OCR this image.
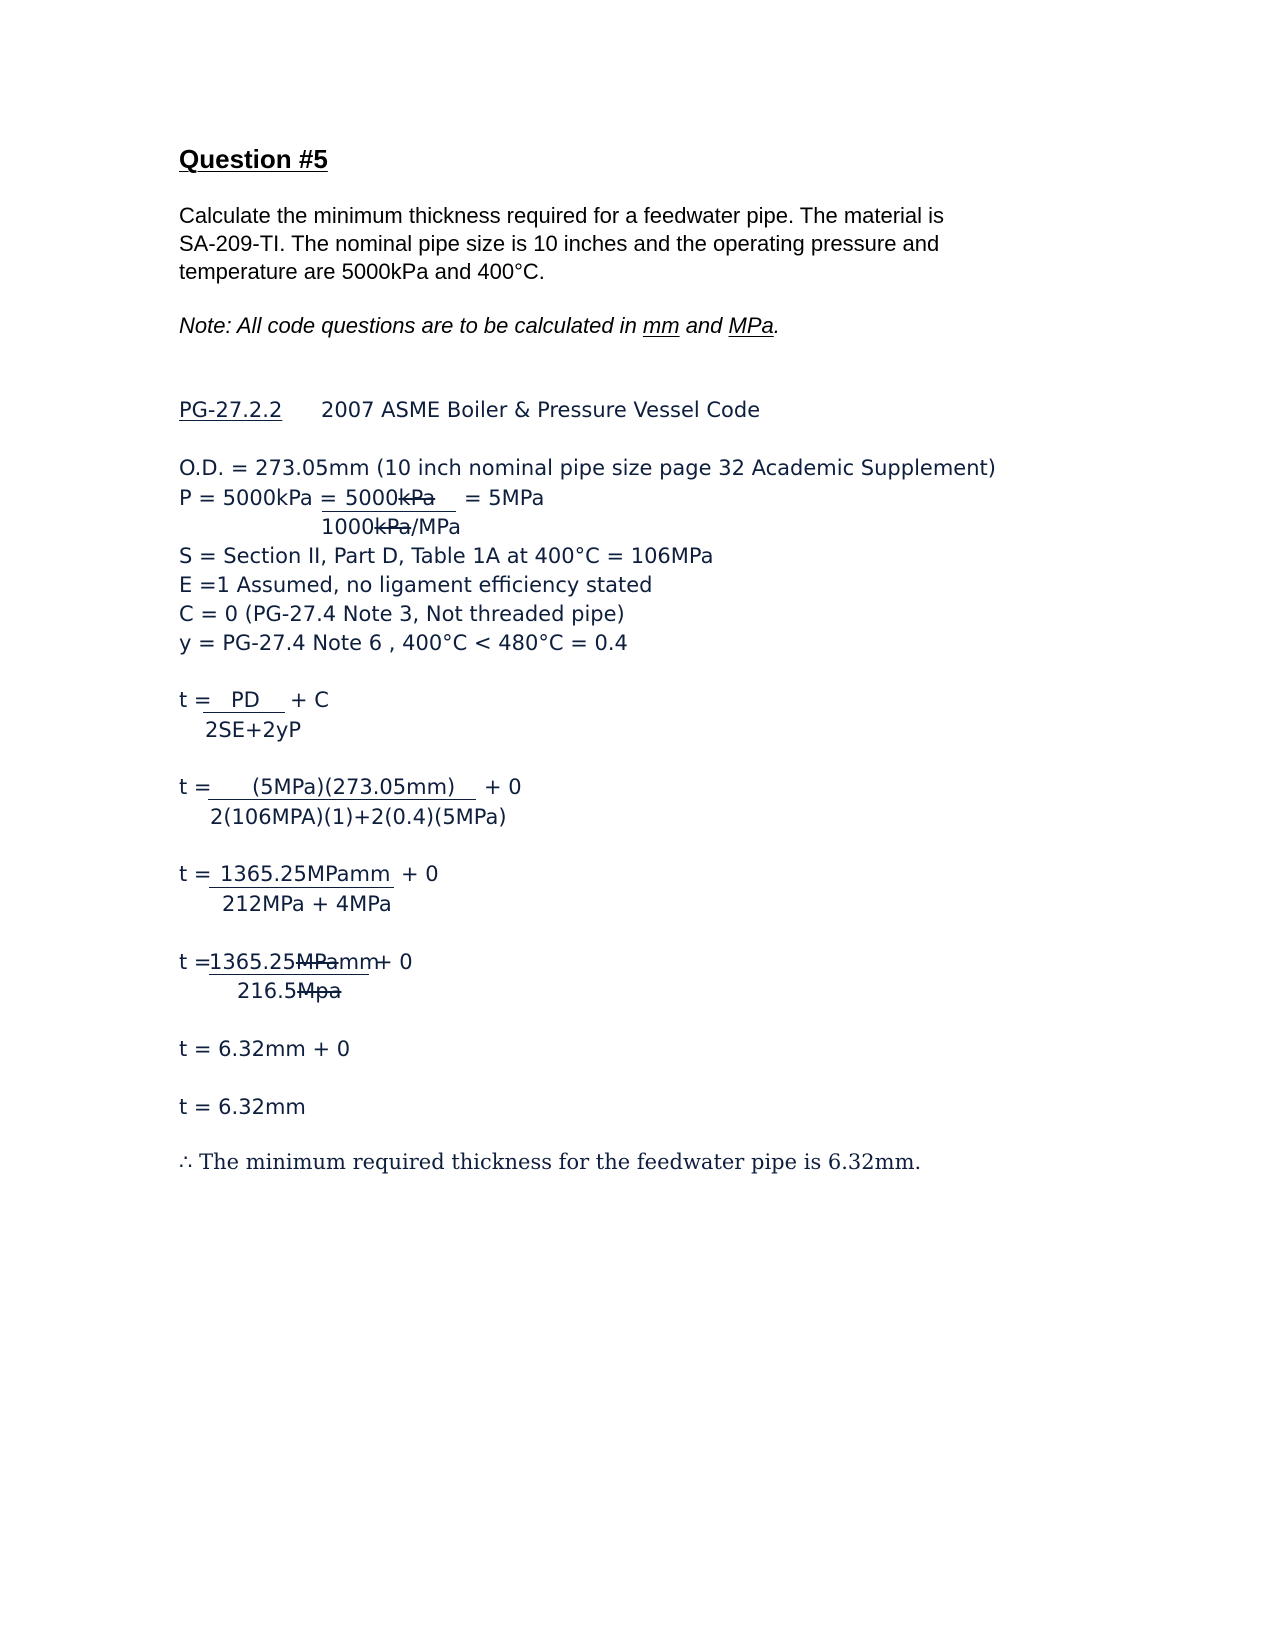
Question #5
Calculate the minimum thickness required for a feedwater pipe. The material is
SA-209-TI. The nominal pipe size is 10 inches and the operating pressure and
temperature are 5000kPa and 400°C.
Note: All code questions are to be calculated in mm and MPa.
PG-27.2.2 2007 ASME Boiler & Pressure Vessel Code
O.D. = 273.05mm (10 inch nominal pipe size page 32 Academic Supplement)
P = 5000kPa = 5000kPa = 5MPa
1000kPa/MPa
S = Section II, Part D, Table 1A at 400°C = 106MPa
E =1 Assumed, no ligament efficiency stated
C = 0 (PG-27.4 Note 3, Not threaded pipe)
y = PG-27.4 Note 6 , 400°C < 480°C = 0.4
t = PD + C
2SE+2yP
t = (5MPa)(273.05mm) + 0
2(106MPA)(1)+2(0.4)(5MPa)
t = 1365.25MPamm + 0
212MPa + 4MPa
t =
1365.25MPamm
+ 0
216.5Mpa
t = 6.32mm + 0
t = 6.32mm
∴ The minimum required thickness for the feedwater pipe is 6.32mm.
